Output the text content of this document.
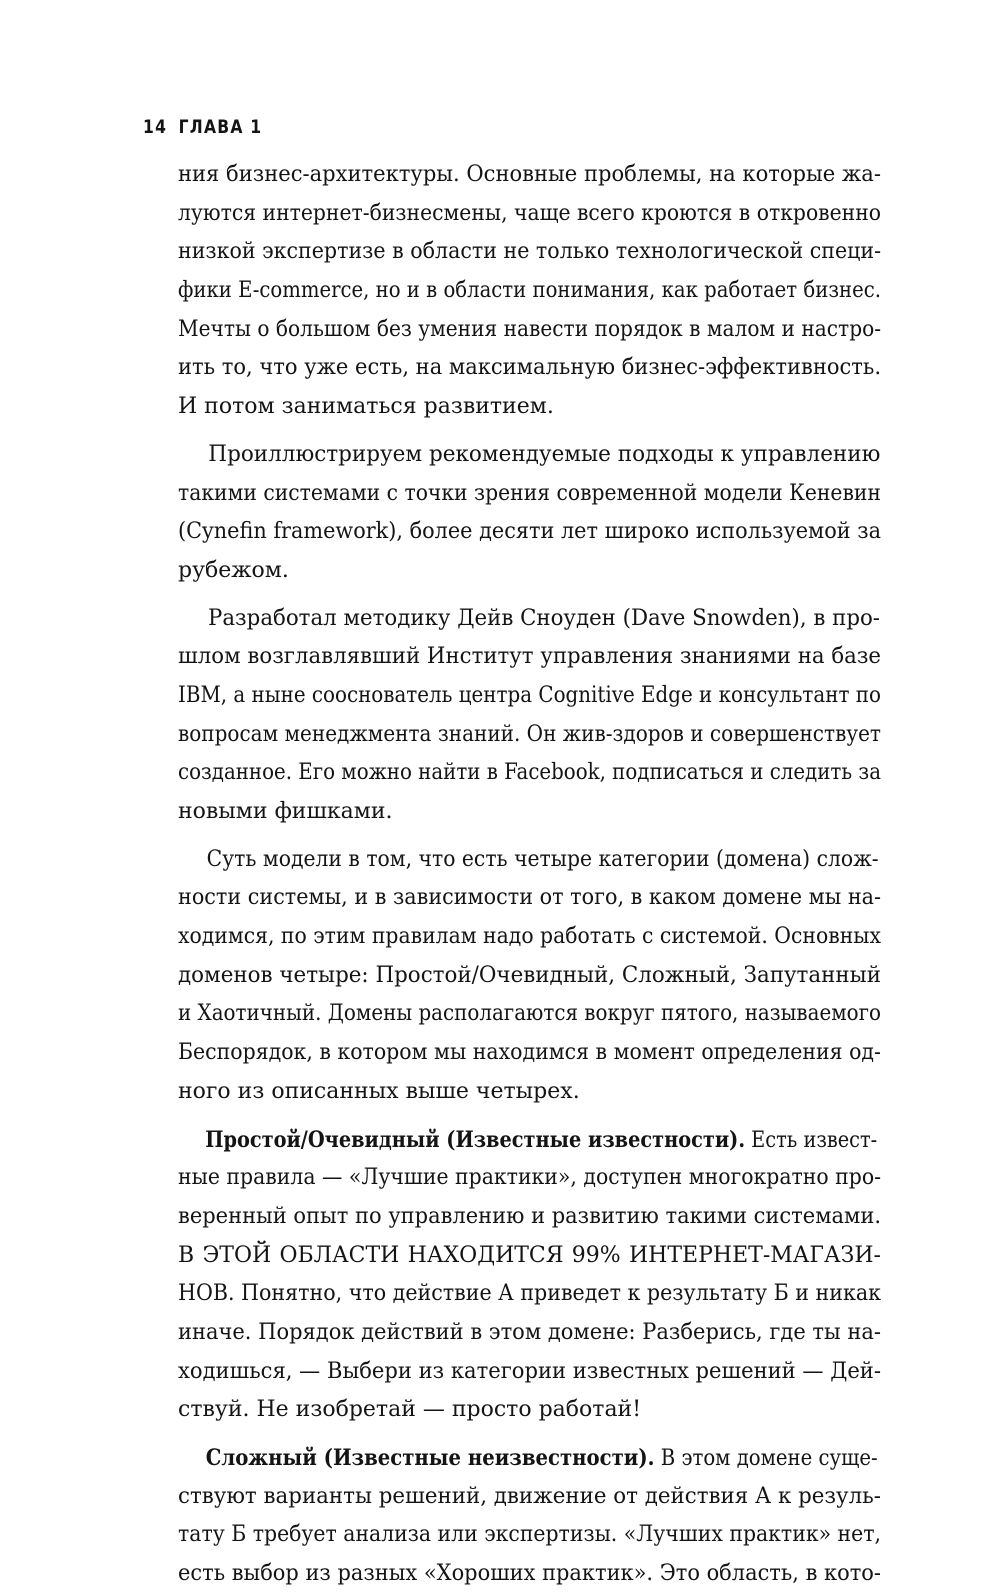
14 ГЛАВА 1
ния бизнес-архитектуры. Основные проблемы, на которые жа-
луются интернет-бизнесмены, чаще всего кроются в откровенно
низкой экспертизе в области не только технологической специ-
фики E-commerce, но и в области понимания, как работает бизнес.
Мечты о большом без умения навести порядок в малом и настро-
ить то, что уже есть, на максимальную бизнес-эффективность.
И потом заниматься развитием.
Проиллюстрируем рекомендуемые подходы к управлению
такими системами с точки зрения современной модели Кеневин
(Cynefin framework), более десяти лет широко используемой за
рубежом.
Разработал методику Дейв Сноуден (Dave Snowden), в про-
шлом возглавлявший Институт управления знаниями на базе
IBM, а ныне сооснователь центра Cognitive Edge и консультант по
вопросам менеджмента знаний. Он жив-здоров и совершенствует
созданное. Его можно найти в Facebook, подписаться и следить за
новыми фишками.
Суть модели в том, что есть четыре категории (домена) слож-
ности системы, и в зависимости от того, в каком домене мы на-
ходимся, по этим правилам надо работать с системой. Основных
доменов четыре: Простой/Очевидный, Сложный, Запутанный
и Хаотичный. Домены располагаются вокруг пятого, называемого
Беспорядок, в котором мы находимся в момент определения од-
ного из описанных выше четырех.
Простой/Очевидный (Известные известности). Есть извест-
ные правила — «Лучшие практики», доступен многократно про-
веренный опыт по управлению и развитию такими системами.
В ЭТОЙ ОБЛАСТИ НАХОДИТСЯ 99% ИНТЕРНЕТ-МАГАЗИ-
НОВ. Понятно, что действие А приведет к результату Б и никак
иначе. Порядок действий в этом домене: Разберись, где ты на-
ходишься, — Выбери из категории известных решений — Дей-
ствуй. Не изобретай — просто работай!
Сложный (Известные неизвестности). В этом домене суще-
ствуют варианты решений, движение от действия А к резуль-
тату Б требует анализа или экспертизы. «Лучших практик» нет,
есть выбор из разных «Хороших практик». Это область, в кото-
